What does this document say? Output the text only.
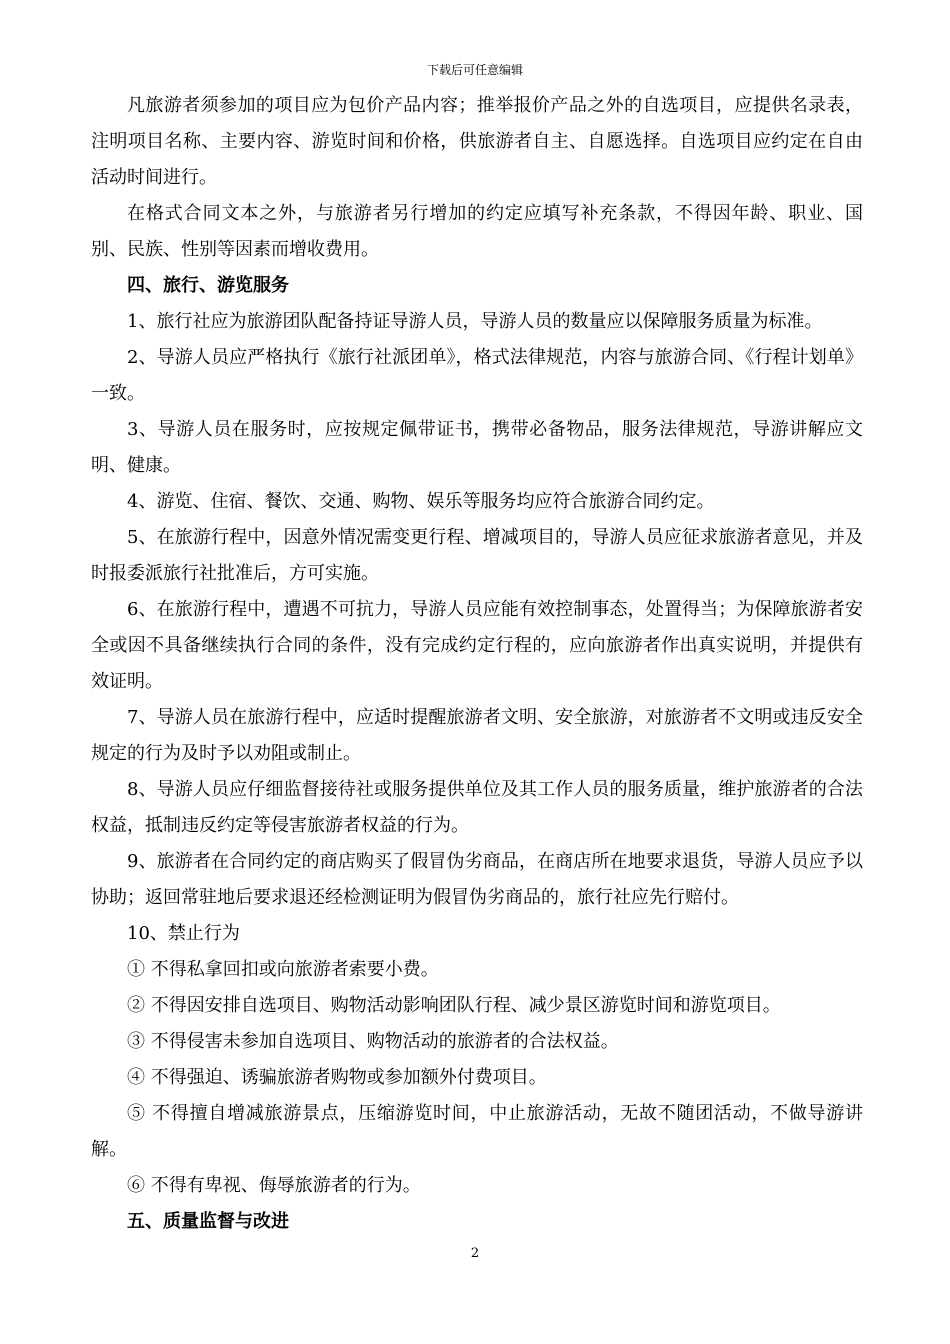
下载后可任意编辑

凡旅游者须参加的项目应为包价产品内容；推举报价产品之外的自选项目，应提供名录表，注明项目名称、主要内容、游览时间和价格，供旅游者自主、自愿选择。自选项目应约定在自由活动时间进行。

在格式合同文本之外，与旅游者另行增加的约定应填写补充条款，不得因年龄、职业、国别、民族、性别等因素而增收费用。

四、旅行、游览服务

1、旅行社应为旅游团队配备持证导游人员，导游人员的数量应以保障服务质量为标准。

2、导游人员应严格执行《旅行社派团单》，格式法律规范，内容与旅游合同、《行程计划单》一致。

3、导游人员在服务时，应按规定佩带证书，携带必备物品，服务法律规范，导游讲解应文明、健康。

4、游览、住宿、餐饮、交通、购物、娱乐等服务均应符合旅游合同约定。

5、在旅游行程中，因意外情况需变更行程、增减项目的，导游人员应征求旅游者意见，并及时报委派旅行社批准后，方可实施。

6、在旅游行程中，遭遇不可抗力，导游人员应能有效控制事态，处置得当；为保障旅游者安全或因不具备继续执行合同的条件，没有完成约定行程的，应向旅游者作出真实说明，并提供有效证明。

7、导游人员在旅游行程中，应适时提醒旅游者文明、安全旅游，对旅游者不文明或违反安全规定的行为及时予以劝阻或制止。

8、导游人员应仔细监督接待社或服务提供单位及其工作人员的服务质量，维护旅游者的合法权益，抵制违反约定等侵害旅游者权益的行为。

9、旅游者在合同约定的商店购买了假冒伪劣商品，在商店所在地要求退货，导游人员应予以协助；返回常驻地后要求退还经检测证明为假冒伪劣商品的，旅行社应先行赔付。

10、禁止行为

① 不得私拿回扣或向旅游者索要小费。

② 不得因安排自选项目、购物活动影响团队行程、减少景区游览时间和游览项目。

③ 不得侵害未参加自选项目、购物活动的旅游者的合法权益。

④ 不得强迫、诱骗旅游者购物或参加额外付费项目。

⑤ 不得擅自增减旅游景点，压缩游览时间，中止旅游活动，无故不随团活动，不做导游讲解。

⑥ 不得有卑视、侮辱旅游者的行为。

五、质量监督与改进

2
